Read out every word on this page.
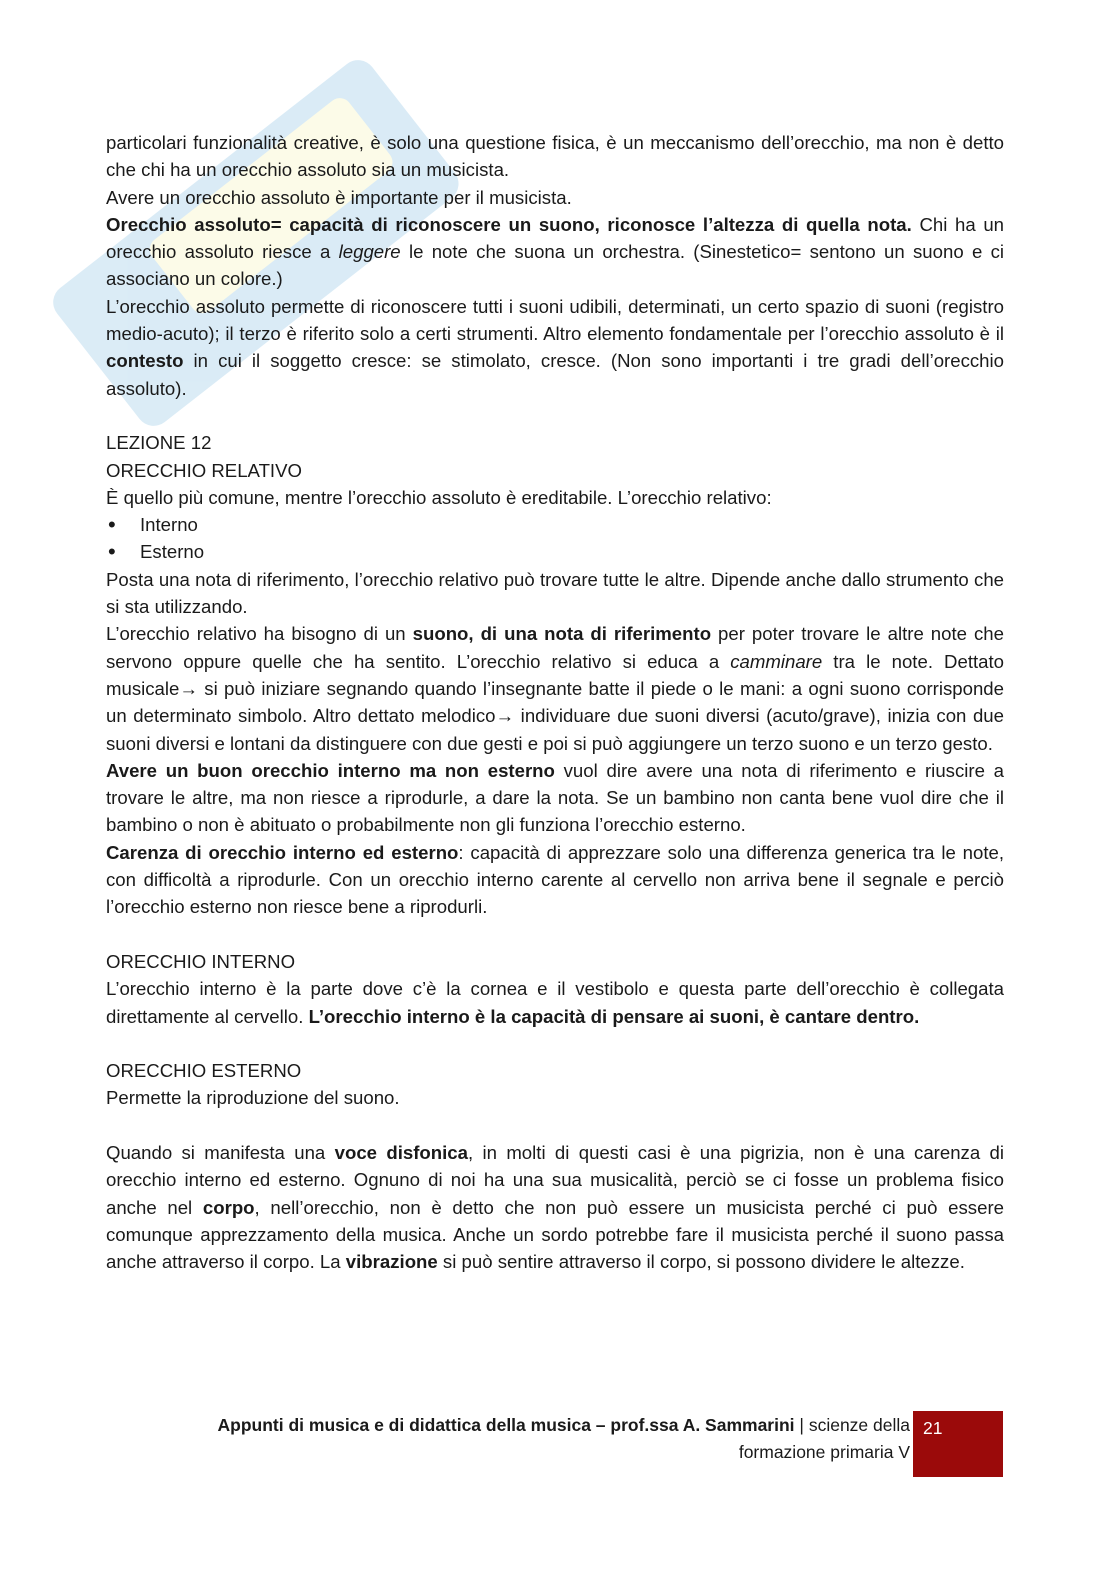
particolari funzionalità creative, è solo una questione fisica, è un meccanismo dell’orecchio, ma non è detto che chi ha un orecchio assoluto sia un musicista.

Avere un orecchio assoluto è importante per il musicista.

Orecchio assoluto= capacità di riconoscere un suono, riconosce l’altezza di quella nota. Chi ha un orecchio assoluto riesce a leggere le note che suona un orchestra. (Sinestetico= sentono un suono e ci associano un colore.)

L’orecchio assoluto permette di riconoscere tutti i suoni udibili, determinati, un certo spazio di suoni (registro medio-acuto); il terzo è riferito solo a certi strumenti. Altro elemento fondamentale per l’orecchio assoluto è il contesto in cui il soggetto cresce: se stimolato, cresce. (Non sono importanti i tre gradi dell’orecchio assoluto).

LEZIONE 12

ORECCHIO RELATIVO

È quello più comune, mentre l’orecchio assoluto è ereditabile. L’orecchio relativo:

• Interno
• Esterno

Posta una nota di riferimento, l’orecchio relativo può trovare tutte le altre. Dipende anche dallo strumento che si sta utilizzando.

L’orecchio relativo ha bisogno di un suono, di una nota di riferimento per poter trovare le altre note che servono oppure quelle che ha sentito. L’orecchio relativo si educa a camminare tra le note. Dettato musicale→ si può iniziare segnando quando l’insegnante batte il piede o le mani: a ogni suono corrisponde un determinato simbolo. Altro dettato melodico→ individuare due suoni diversi (acuto/grave), inizia con due suoni diversi e lontani da distinguere con due gesti e poi si può aggiungere un terzo suono e un terzo gesto.

Avere un buon orecchio interno ma non esterno vuol dire avere una nota di riferimento e riuscire a trovare le altre, ma non riesce a riprodurle, a dare la nota. Se un bambino non canta bene vuol dire che il bambino o non è abituato o probabilmente non gli funziona l’orecchio esterno.

Carenza di orecchio interno ed esterno: capacità di apprezzare solo una differenza generica tra le note, con difficoltà a riprodurle. Con un orecchio interno carente al cervello non arriva bene il segnale e perciò l’orecchio esterno non riesce bene a riprodurli.

ORECCHIO INTERNO

L’orecchio interno è la parte dove c’è la cornea e il vestibolo e questa parte dell’orecchio è collegata direttamente al cervello. L’orecchio interno è la capacità di pensare ai suoni, è cantare dentro.

ORECCHIO ESTERNO

Permette la riproduzione del suono.

Quando si manifesta una voce disfonica, in molti di questi casi è una pigrizia, non è una carenza di orecchio interno ed esterno. Ognuno di noi ha una sua musicalità, perciò se ci fosse un problema fisico anche nel corpo, nell’orecchio, non è detto che non può essere un musicista perché ci può essere comunque apprezzamento della musica. Anche un sordo potrebbe fare il musicista perché il suono passa anche attraverso il corpo. La vibrazione si può sentire attraverso il corpo, si possono dividere le altezze.

Appunti di musica e di didattica della musica – prof.ssa A. Sammarini | scienze della
formazione primaria V
21
